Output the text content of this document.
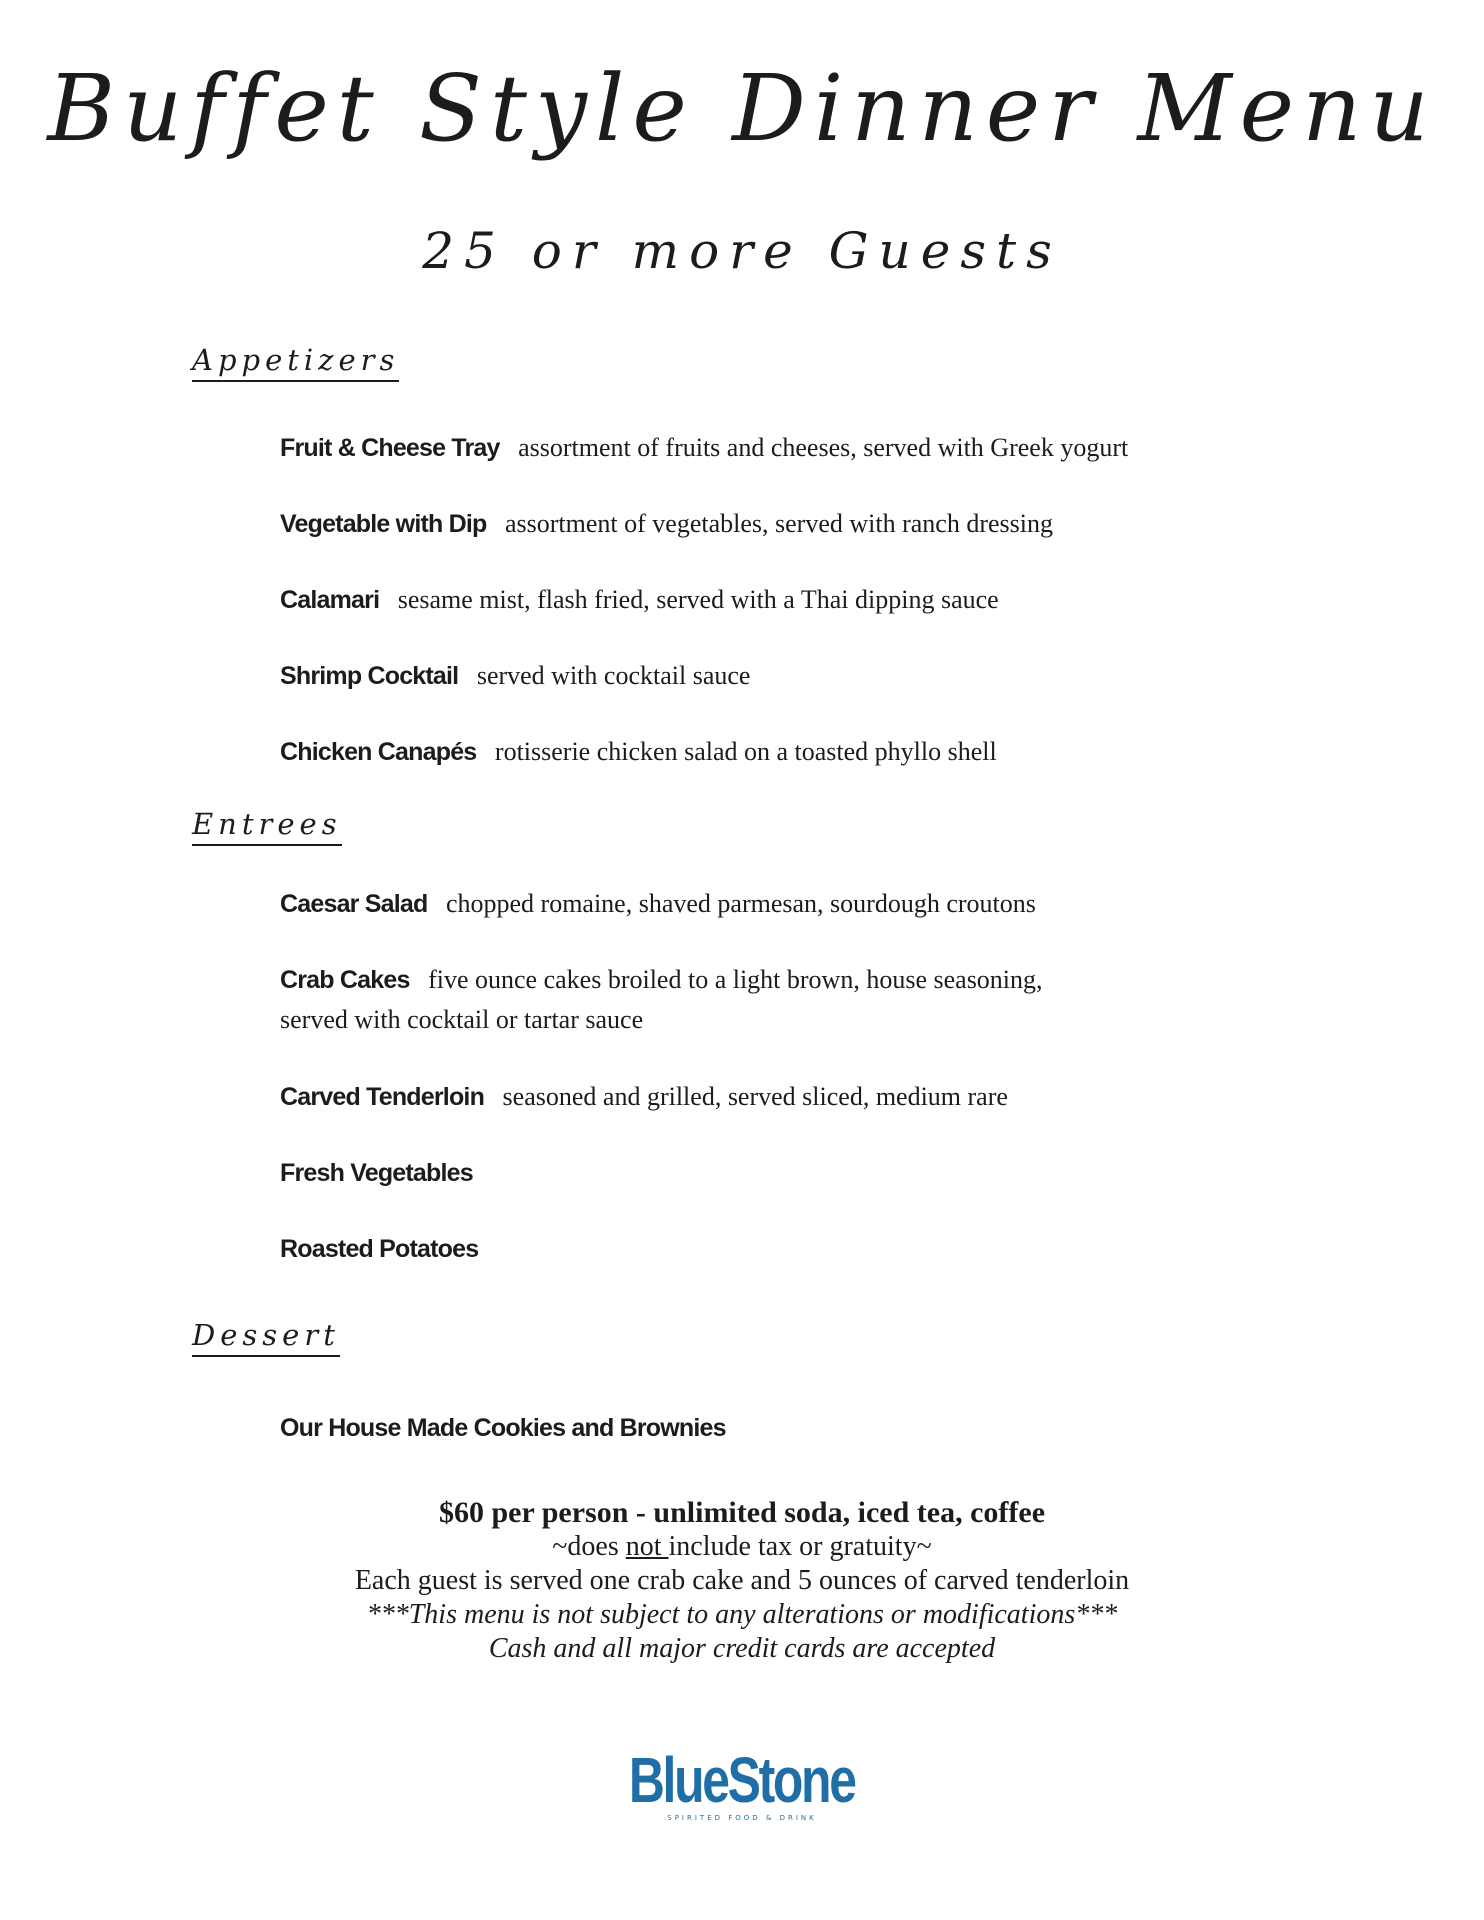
Buffet Style Dinner Menu
25 or more Guests
Appetizers
Fruit & Cheese Tray assortment of fruits and cheeses, served with Greek yogurt
Vegetable with Dip assortment of vegetables, served with ranch dressing
Calamari sesame mist, flash fried, served with a Thai dipping sauce
Shrimp Cocktail served with cocktail sauce
Chicken Canapés rotisserie chicken salad on a toasted phyllo shell
Entrees
Caesar Salad chopped romaine, shaved parmesan, sourdough croutons
Crab Cakes five ounce cakes broiled to a light brown, house seasoning,
served with cocktail or tartar sauce
Carved Tenderloin seasoned and grilled, served sliced, medium rare
Fresh Vegetables
Roasted Potatoes
Dessert
Our House Made Cookies and Brownies
$60 per person - unlimited soda, iced tea, coffee
~does not include tax or gratuity~
Each guest is served one crab cake and 5 ounces of carved tenderloin
***This menu is not subject to any alterations or modifications***
Cash and all major credit cards are accepted
BlueStone
SPIRITED FOOD & DRINK
